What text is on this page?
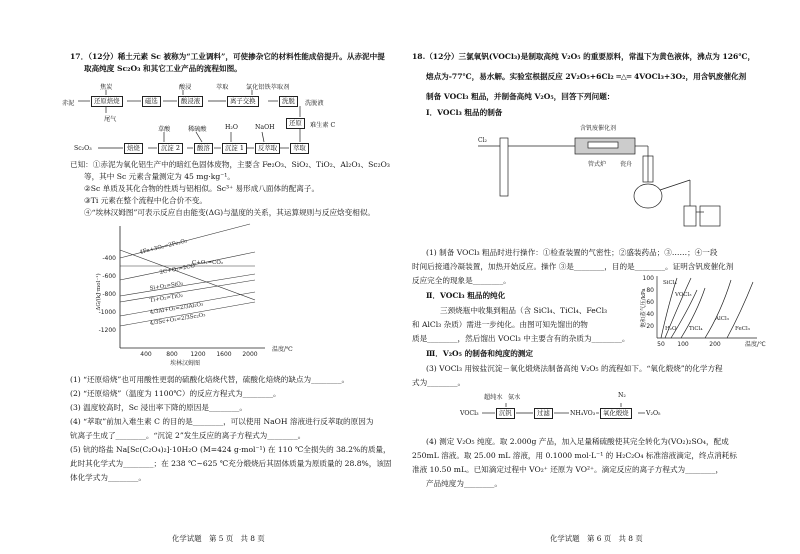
17．（12分）稀土元素 Sc 被称为“工业调料”，可使掺杂它的材料性能成倍提升。从赤泥中提
取高纯度 Sc₂O₃ 和其它工业产品的流程如图。
焦炭
赤泥	还原焙烧
尾气
磁选
酸浸
酸浸液
萃取	氯化铝铁萃取剂
离子交换	洗脱	洗脱液
还原	难生素 C
草酸	稀硫酸	H₂O	NaOH
Sc₂O₃	焙烧	沉淀 2	酸溶	沉淀 1	反萃取	萃取
已知：①赤泥为氧化铝生产中的暗红色固体废物，主要含 Fe₂O₃、SiO₂、TiO₂、Al₂O₃、Sc₂O₃
等，其中 Sc 元素含量测定为 45 mg·kg⁻¹。
②Sc 单质及其化合物的性质与铝相似。Sc³⁺ 易形成八面体的配离子。
③Ti 元素在整个流程中化合价不变。
④“埃林汉姆图”可表示反应自由能变(ΔG)与温度的关系，其运算规则与反应焓变相似。
-400
-600
-800
-1000
-1200
400 800 1200 1600 2000
4Fe+3O₂=2Fe₂O₃
C+O₂=CO₂
2C+O₂=2CO
Si+O₂=SiO₂
Ti+O₂=TiO₂
4/3Al+O₂=2/3Al₂O₃
4/3Sc+O₂=2/3Sc₂O₃
ΔG/(kJ·mol⁻¹)
温度/℃
埃林汉姆图
(1) “还原焙烧”也可用酸性更弱的硫酸化焙烧代替，硫酸化焙烧的缺点为________。
(2) “还原焙烧”（温度为 1100℃）的反应方程式为________。
(3) 温度较高时，Sc 浸出率下降的原因是________。
(4) “萃取”前加入难生素 C 的目的是________，可以使用 NaOH 溶液进行反萃取的原因为
钪离子生成了________。“沉淀 2”发生反应的离子方程式为________。
(5) 钪的络盐 Na[Sc(C₂O₄)₂]·10H₂O (M=424 g·mol⁻¹) 在 110 ℃全损失的 38.2%的质量，
此时其化学式为________；在 238 ℃~625 ℃充分煅烧后其固体质量为原质量的 28.8%，该固
体化学式为________。
化学试题　第 5 页　共 8 页
18.（12分）三氯氧钒(VOCl₃)是制取高纯 V₂O₅ 的重要原料，常温下为黄色液体，沸点为 126℃，
熔点为-77℃，易水解。实验室根据反应 2V₂O₅+6Cl₂ ═△═ 4VOCl₃+3O₂，用含钒废催化剂
制备 VOCl₃ 粗品，并制备高纯 V₂O₅，回答下列问题：
Ⅰ．VOCl₃ 粗品的制备
Cl₂
含钒废催化剂
管式炉 瓷舟
(1) 制备 VOCl₃ 粗品时进行操作：①检查装置的气密性；②盛装药品；③……；④一段
时间后接通冷凝装置，加热开始反应。操作 ③是________，目的是________。证明含钒废催化剂
反应完全的现象是________。
Ⅱ．VOCl₃ 粗品的纯化
三颈烧瓶中收集到粗品（含 SiCl₄、TiCl₄、FeCl₃
和 AlCl₃ 杂质）需进一步纯化。由图可知先馏出的物
质是________，然后馏出 VOCl₃ 中主要含有的杂质为________。
Ⅲ．V₂O₅ 的制备和纯度的测定
(3) VOCl₃ 用铵盐沉淀－氧化煅烧法制备高纯 V₂O₅ 的流程如下。“氧化煅烧”的化学方程
式为________。
100
80
60
40
20
50 100	200	温度/℃
SiCl₄
VOCl₃
H₂O TiCl₄
AlCl₃
FeCl₃
饱和蒸气压/kPa
超纯水 氨水	N₂
VOCl₃	沉钒	过滤	NH₄VO₃	氧化煅烧	V₂O₅
(4) 测定 V₂O₅ 纯度。取 2.000g 产品，加入足量稀硫酸使其完全转化为(VO₂)₂SO₄，配成
250mL 溶液。取 25.00 mL 溶液，用 0.1000 mol·L⁻¹ 的 H₂C₂O₄ 标准溶液滴定，终点消耗标
准液 10.50 mL。已知滴定过程中 VO₂⁺ 还原为 VO²⁺。滴定反应的离子方程式为________，
产品纯度为________。
化学试题　第 6 页　共 8 页
